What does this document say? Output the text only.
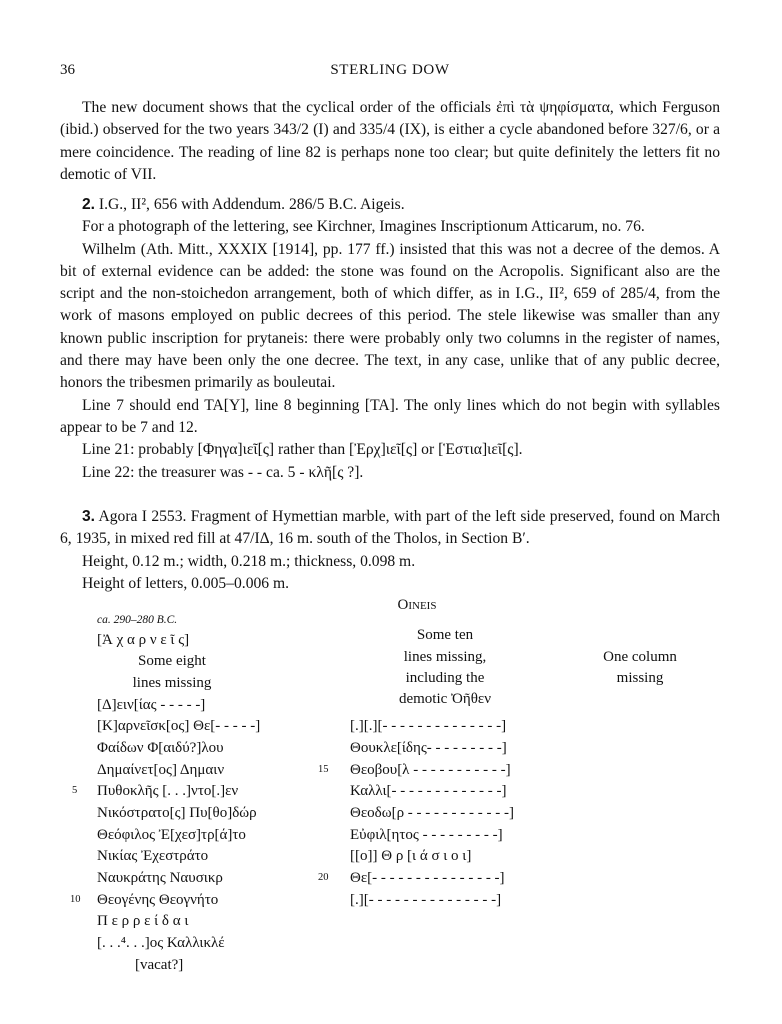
36	STERLING DOW

The new document shows that the cyclical order of the officials ἐπὶ τὰ ψηφίσματα, which Ferguson (ibid.) observed for the two years 343/2 (I) and 335/4 (IX), is either a cycle abandoned before 327/6, or a mere coincidence. The reading of line 82 is perhaps none too clear; but quite definitely the letters fit no demotic of VII.

2. I.G., II², 656 with Addendum. 286/5 B.C. Aigeis.

For a photograph of the lettering, see Kirchner, Imagines Inscriptionum Atticarum, no. 76.

Wilhelm (Ath. Mitt., XXXIX [1914], pp. 177 ff.) insisted that this was not a decree of the demos. A bit of external evidence can be added: the stone was found on the Acropolis. Significant also are the script and the non-stoichedon arrangement, both of which differ, as in I.G., II², 659 of 285/4, from the work of masons employed on public decrees of this period. The stele likewise was smaller than any known public inscription for prytaneis: there were probably only two columns in the register of names, and there may have been only the one decree. The text, in any case, unlike that of any public decree, honors the tribesmen primarily as bouleutai.

Line 7 should end TA[Y], line 8 beginning [TA]. The only lines which do not begin with syllables appear to be 7 and 12.

Line 21: probably [Φηγα]ιεῖ[ς] rather than [Ἐρχ]ιεῖ[ς] or [Ἑστια]ιεῖ[ς].

Line 22: the treasurer was - - ca. 5 - κλῆ[ς ?].

3. Agora I 2553. Fragment of Hymettian marble, with part of the left side preserved, found on March 6, 1935, in mixed red fill at 47/ΙΔ, 16 m. south of the Tholos, in Section Β′.

Height, 0.12 m.; width, 0.218 m.; thickness, 0.098 m.

Height of letters, 0.005–0.006 m.

ca. 290–280 B.C.
Oineis
[Ἀ χ α ρ ν ε ῖ ς]
Some eight
lines missing
[Δ]ειν[ίας - - - - -]
[Κ]αρνεῖσκ[ος] Θε[- - - - -]
Φαίδων Φ[αιδύ?]λου
Δημαίνετ[ος] Δημαιν
Πυθοκλῆς [. . .]ντο[.]εν
Νικόστρατο[ς] Πυ[θο]δώρ
Θεόφιλος Ἐ[χεσ]τρ[ά]το
Νικίας Ἐχεστράτο
Ναυκράτης Ναυσικρ
Θεογένης Θεογνήτο
Π ε ρ ρ ε ί δ α ι
[. . .⁴. . .]ος Καλλικλέ
[vacat?]
5
10
Some ten
lines missing,
including the
demotic Ὀῆθεν
[.][.][- - - - - - - - - - - - - -]
Θουκλε[ίδης- - - - - - - - -]
Θεοβου[λ - - - - - - - - - - -]
Καλλι[- - - - - - - - - - - - -]
Θεοδω[ρ - - - - - - - - - - - -]
Εὐφιλ[ητος - - - - - - - - -]
[[ο]] Θ ρ [ι ά σ ι ο ι]
Θε[- - - - - - - - - - - - - - -]
[.][- - - - - - - - - - - - - - -]
15
20
One column
missing
